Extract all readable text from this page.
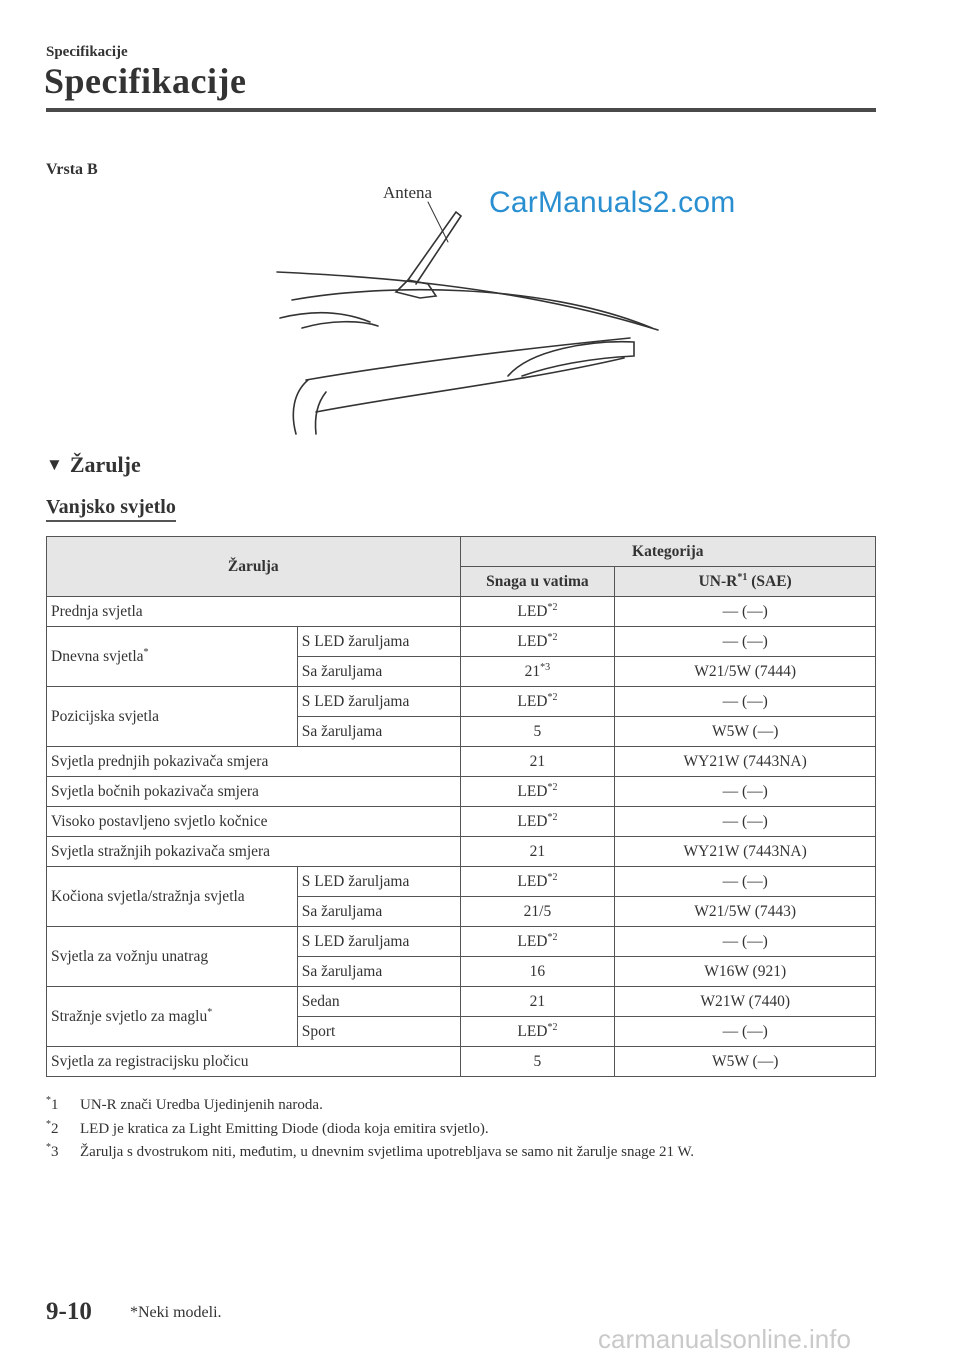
Specifikacije
Specifikacije
Vrsta B
Antena CarManuals2.com
▼ Žarulje
Vanjsko svjetlo
Žarulja		Kategorija	
		Snaga u vatima	$UN-R^{*1}$ (SAE)
Prednja svjetla		LED$^{*2}$	— (—)
Dnevna svjetla*	S LED žaruljama	LED$^{*2}$	— (—)
	Sa žaruljama	21$^{*3}$	W21/5W (7444)
Pozicijska svjetla	S LED žaruljama	LED$^{*2}$	— (—)
	Sa žaruljama	5	W5W (—)
Svjetla prednjih pokazivača smjera		21	WY21W (7443NA)
Svjetla bočnih pokazivača smjera		LED$^{*2}$	— (—)
Visoko postavljeno svjetlo kočnice		LED$^{*2}$	— (—)
Svjetla stražnjih pokazivača smjera		21	WY21W (7443NA)
Kočiona svjetla/stražnja svjetla	S LED žaruljama	LED$^{*2}$	— (—)
	Sa žaruljama	21/5	W21/5W (7443)
Svjetla za vožnju unatrag	S LED žaruljama	LED$^{*2}$	— (—)
	Sa žaruljama	16	W16W (921)
Stražnje svjetlo za maglu*	Sedan	21	W21W (7440)
	Sport	LED$^{*2}$	— (—)
Svjetla za registracijsku pločicu		5	W5W (—)
*1	UN-R znači Uredba Ujedinjenih naroda.
*2	LED je kratica za Light Emitting Diode (dioda koja emitira svjetlo).
*3	Žarulja s dvostrukom niti, međutim, u dnevnim svjetlima upotrebljava se samo nit žarulje snage 21 W.
9-10 *Neki modeli.
carmanualsonline.info
